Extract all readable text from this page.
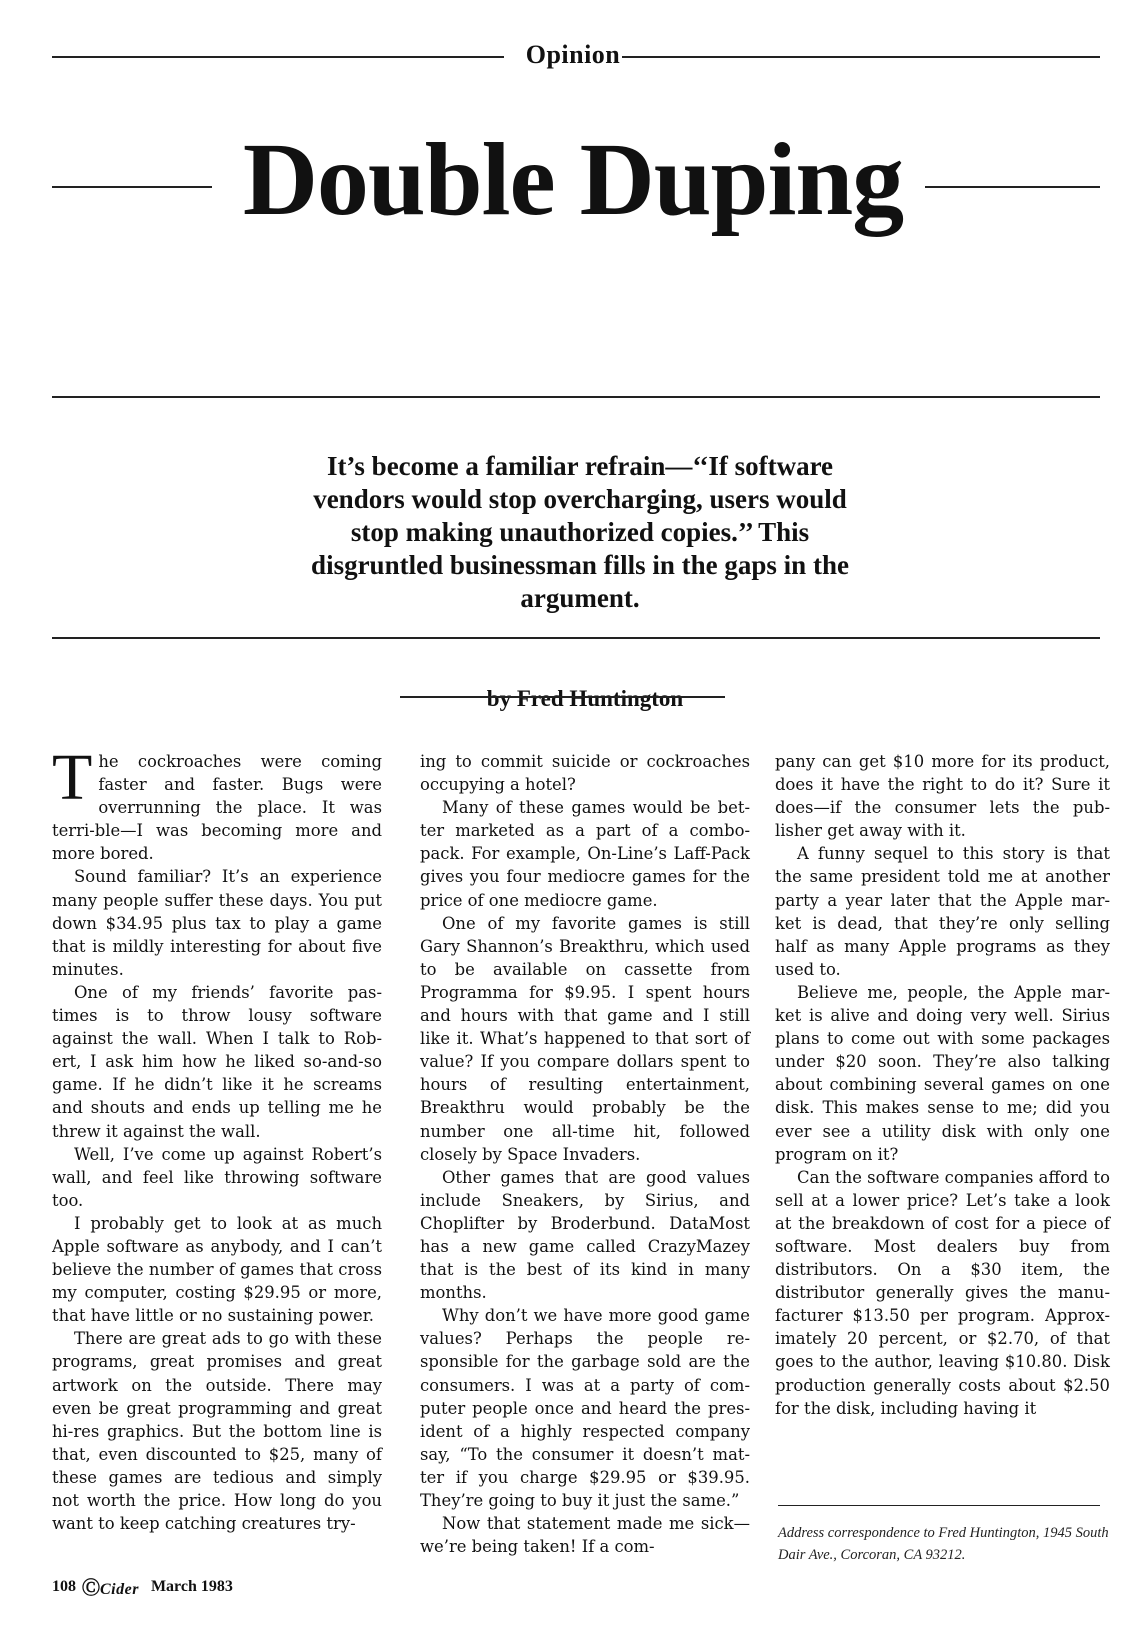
Opinion
Double Duping
It’s become a familiar refrain—‘‘If software vendors would stop overcharging, users would stop making unauthorized copies.’’ This disgruntled businessman fills in the gaps in the argument.
by Fred Huntington

The cockroaches were coming faster and faster. Bugs were overrunning the place. It was terri-ble—I was becoming more and more bored.

Sound familiar? It’s an experience many people suffer these days. You put down $34.95 plus tax to play a game that is mildly interesting for about five minutes.

One of my friends’ favorite pas-times is to throw lousy software against the wall. When I talk to Rob-ert, I ask him how he liked so-and-so game. If he didn’t like it he screams and shouts and ends up telling me he threw it against the wall.

Well, I’ve come up against Robert’s wall, and feel like throwing software too.

I probably get to look at as much Apple software as anybody, and I can’t believe the number of games that cross my computer, costing $29.95 or more, that have little or no sustaining power.

There are great ads to go with these programs, great promises and great artwork on the outside. There may even be great programming and great hi-res graphics. But the bottom line is that, even discounted to $25, many of these games are tedious and simply not worth the price. How long do you want to keep catching creatures try-

ing to commit suicide or cockroaches occupying a hotel?

Many of these games would be bet-ter marketed as a part of a combo-pack. For example, On-Line’s Laff-Pack gives you four mediocre games for the price of one mediocre game.

One of my favorite games is still Gary Shannon’s Breakthru, which used to be available on cassette from Programma for $9.95. I spent hours and hours with that game and I still like it. What’s happened to that sort of value? If you compare dollars spent to hours of resulting entertainment, Breakthru would probably be the number one all-time hit, followed closely by Space Invaders.

Other games that are good values include Sneakers, by Sirius, and Choplifter by Broderbund. DataMost has a new game called CrazyMazey that is the best of its kind in many months.

Why don’t we have more good game values? Perhaps the people re-sponsible for the garbage sold are the consumers. I was at a party of com-puter people once and heard the pres-ident of a highly respected company say, “To the consumer it doesn’t mat-ter if you charge $29.95 or $39.95. They’re going to buy it just the same.”

Now that statement made me sick—we’re being taken! If a com-

pany can get $10 more for its product, does it have the right to do it? Sure it does—if the consumer lets the pub-lisher get away with it.

A funny sequel to this story is that the same president told me at another party a year later that the Apple mar-ket is dead, that they’re only selling half as many Apple programs as they used to.

Believe me, people, the Apple mar-ket is alive and doing very well. Sirius plans to come out with some packages under $20 soon. They’re also talking about combining several games on one disk. This makes sense to me; did you ever see a utility disk with only one program on it?

Can the software companies afford to sell at a lower price? Let’s take a look at the breakdown of cost for a piece of software. Most dealers buy from distributors. On a $30 item, the distributor generally gives the manu-facturer $13.50 per program. Approx-imately 20 percent, or $2.70, of that goes to the author, leaving $10.80. Disk production generally costs about $2.50 for the disk, including having it

Address correspondence to Fred Huntington, 1945 South Dair Ave., Corcoran, CA 93212.
108 ⒸCider March 1983
